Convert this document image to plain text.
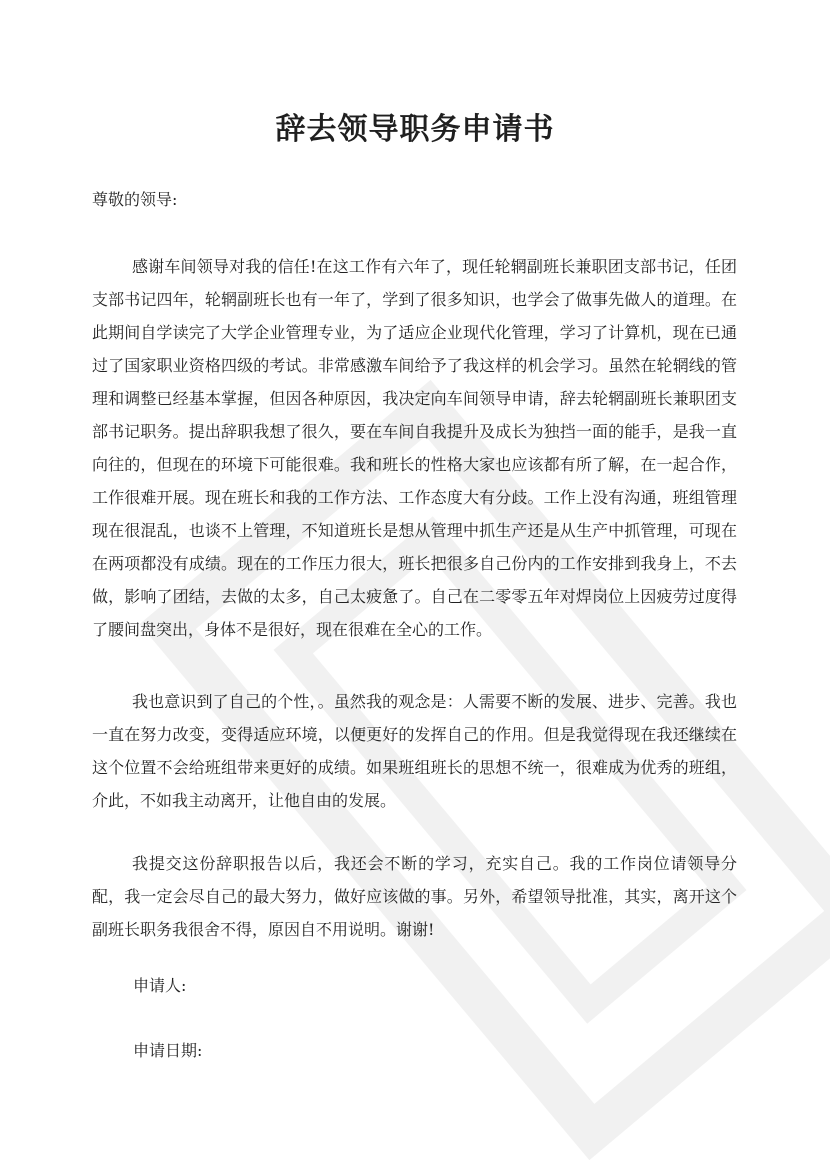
辞去领导职务申请书
尊敬的领导:

感谢车间领导对我的信任!在这工作有六年了，现任轮辋副班长兼职团支部书记，任团支部书记四年，轮辋副班长也有一年了，学到了很多知识，也学会了做事先做人的道理。在此期间自学读完了大学企业管理专业，为了适应企业现代化管理，学习了计算机，现在已通过了国家职业资格四级的考试。非常感激车间给予了我这样的机会学习。虽然在轮辋线的管理和调整已经基本掌握，但因各种原因，我决定向车间领导申请，辞去轮辋副班长兼职团支部书记职务。提出辞职我想了很久，要在车间自我提升及成长为独挡一面的能手，是我一直向往的，但现在的环境下可能很难。我和班长的性格大家也应该都有所了解，在一起合作，工作很难开展。现在班长和我的工作方法、工作态度大有分歧。工作上没有沟通，班组管理现在很混乱，也谈不上管理，不知道班长是想从管理中抓生产还是从生产中抓管理，可现在在两项都没有成绩。现在的工作压力很大，班长把很多自己份内的工作安排到我身上，不去做，影响了团结，去做的太多，自己太疲惫了。自己在二零零五年对焊岗位上因疲劳过度得了腰间盘突出，身体不是很好，现在很难在全心的工作。

我也意识到了自己的个性，。虽然我的观念是：人需要不断的发展、进步、完善。我也一直在努力改变，变得适应环境，以便更好的发挥自己的作用。但是我觉得现在我还继续在这个位置不会给班组带来更好的成绩。如果班组班长的思想不统一，很难成为优秀的班组，介此，不如我主动离开，让他自由的发展。

我提交这份辞职报告以后，我还会不断的学习，充实自己。我的工作岗位请领导分配，我一定会尽自己的最大努力，做好应该做的事。另外，希望领导批准，其实，离开这个副班长职务我很舍不得，原因自不用说明。谢谢!

申请人:
申请日期:
